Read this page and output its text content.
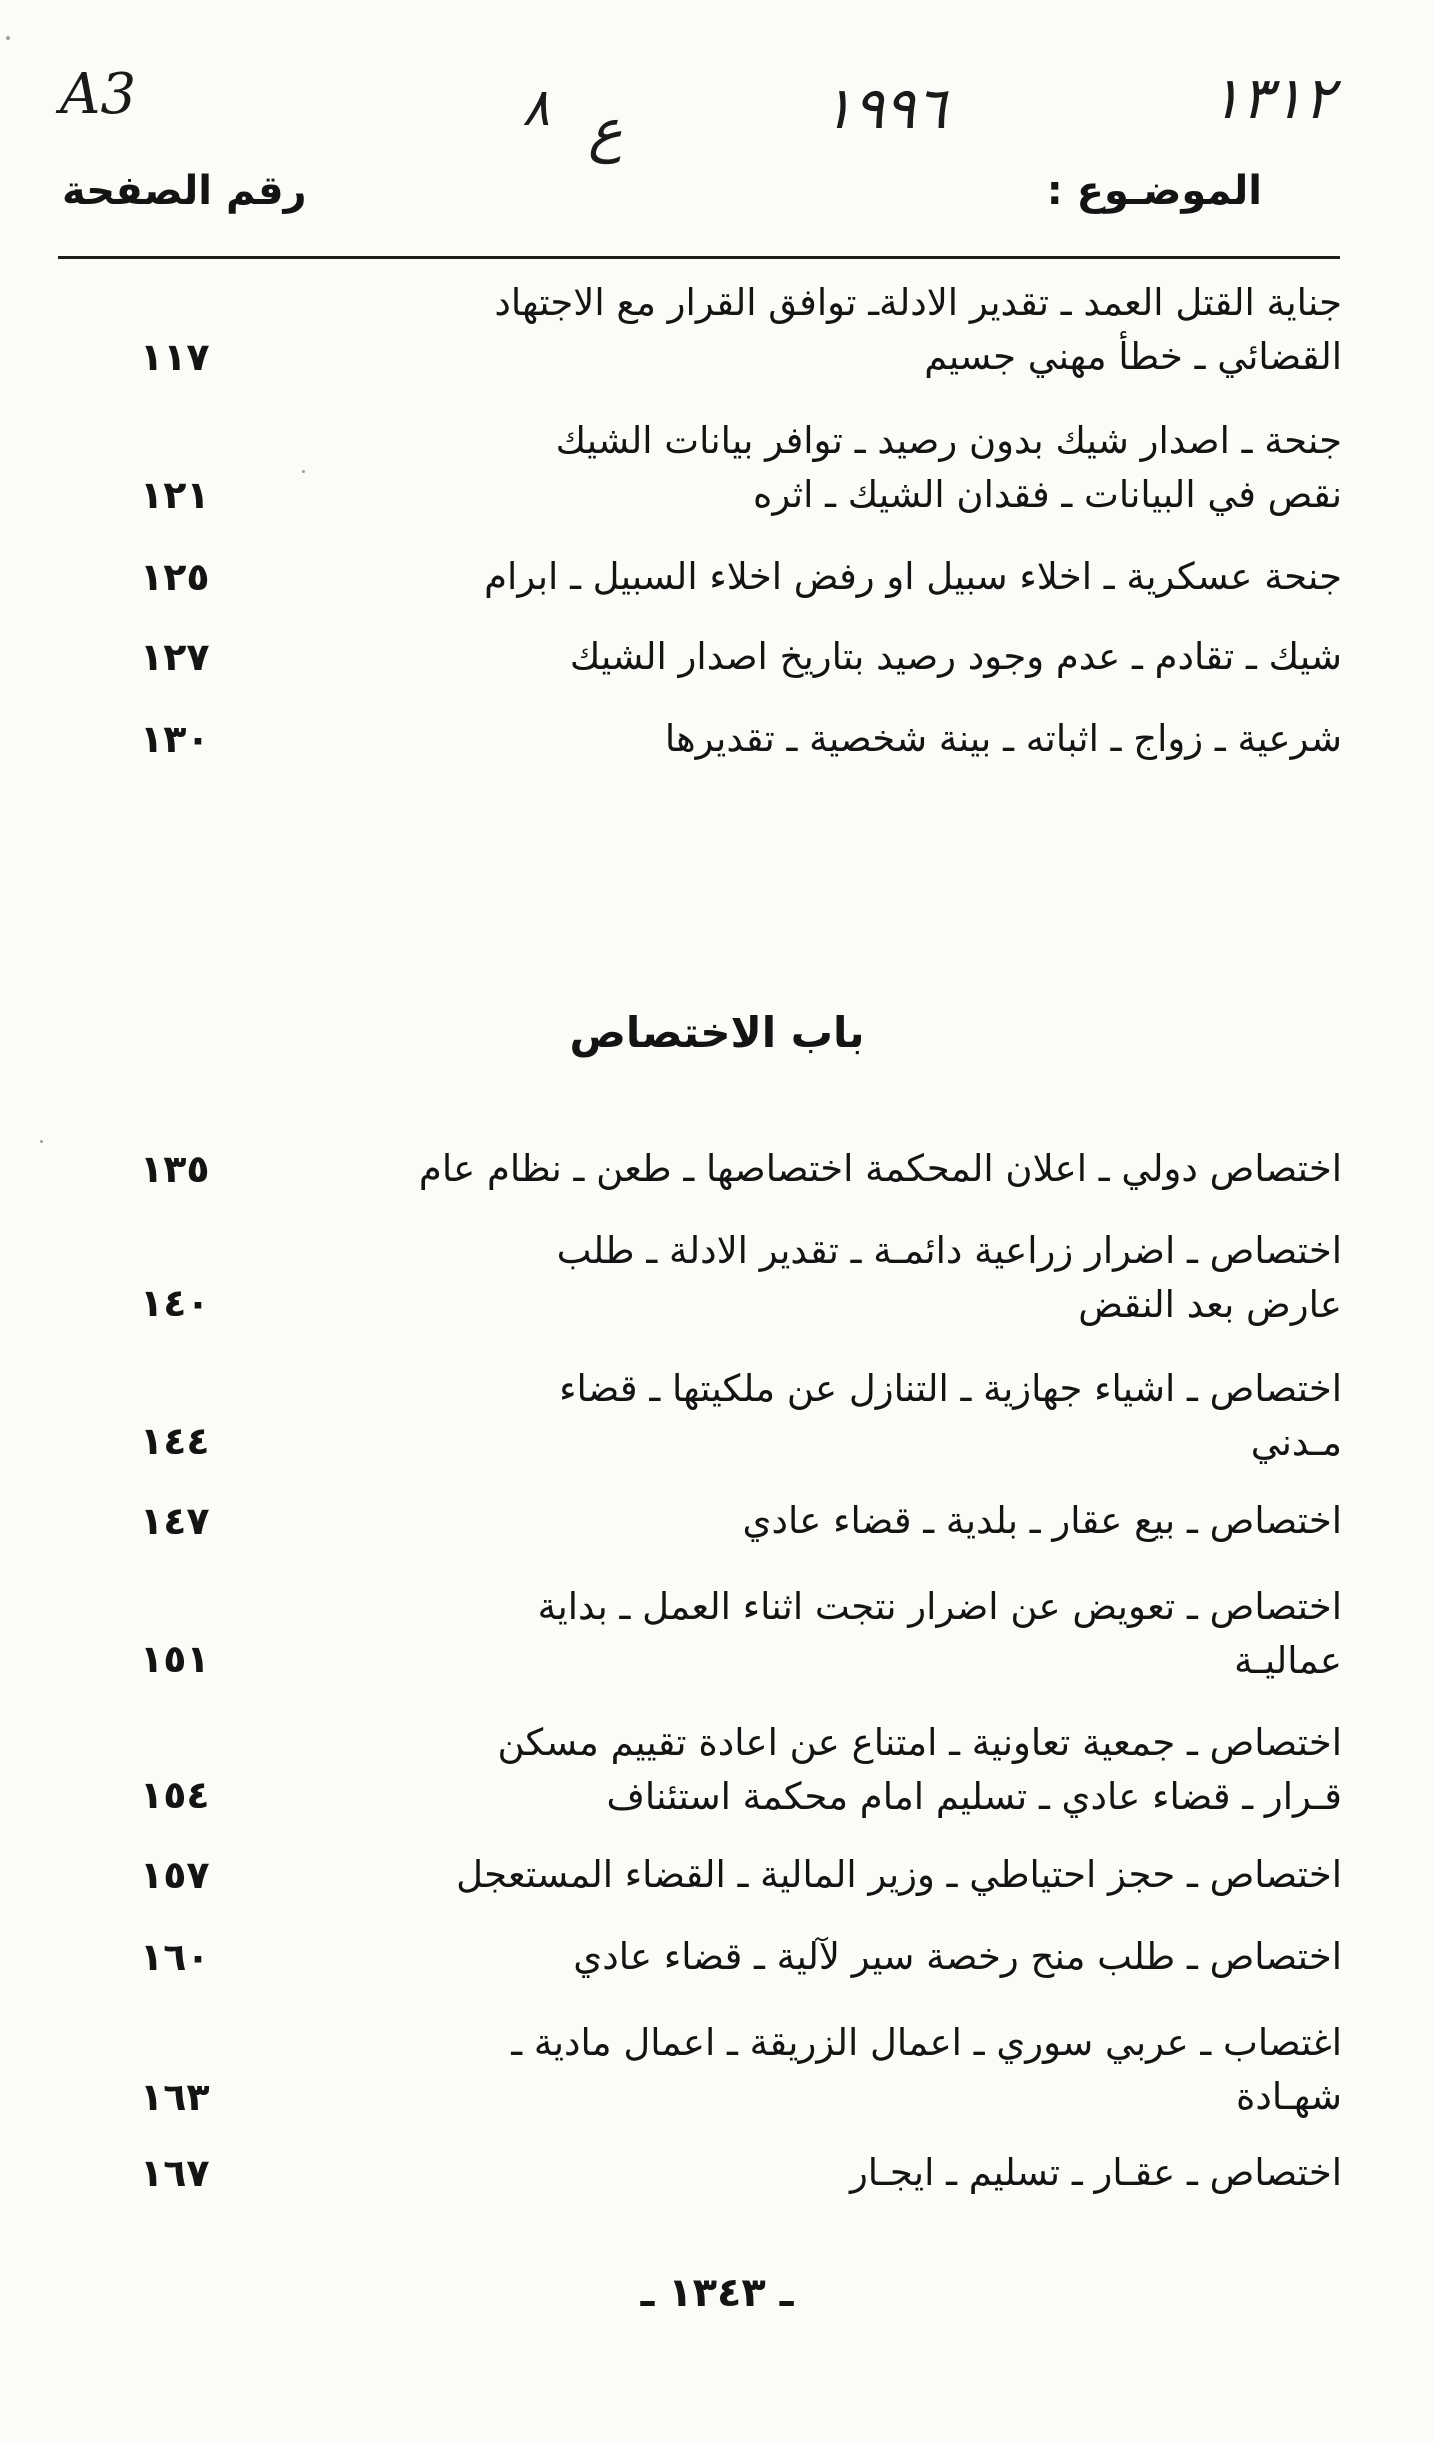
A3	٨ ع	١٩٩٦	١٣١٢
الموضـوع :
رقم الصفحة
جناية القتل العمد ـ تقدير الادلةـ توافق القرار مع الاجتهاد
القضائي ـ خطأ مهني جسيم
١١٧
جنحة ـ اصدار شيك بدون رصيد ـ توافر بيانات الشيك
نقص في البيانات ـ فقدان الشيك ـ اثره
١٢١
جنحة عسكرية ـ اخلاء سبيل او رفض اخلاء السبيل ـ ابرام
١٢٥
شيك ـ تقادم ـ عدم وجود رصيد بتاريخ اصدار الشيك
١٢٧
شرعية ـ زواج ـ اثباته ـ بينة شخصية ـ تقديرها
١٣٠
باب الاختصاص
اختصاص دولي ـ اعلان المحكمة اختصاصها ـ طعن ـ نظام عام
١٣٥
اختصاص ـ اضرار زراعية دائمـة ـ تقدير الادلة ـ طلب
عارض بعد النقض
١٤٠
اختصاص ـ اشياء جهازية ـ التنازل عن ملكيتها ـ قضاء
مـدني
١٤٤
اختصاص ـ بيع عقار ـ بلدية ـ قضاء عادي
١٤٧
اختصاص ـ تعويض عن اضرار نتجت اثناء العمل ـ بداية
عماليـة
١٥١
اختصاص ـ جمعية تعاونية ـ امتناع عن اعادة تقييم مسكن
قـرار ـ قضاء عادي ـ تسليم امام محكمة استئناف
١٥٤
اختصاص ـ حجز احتياطي ـ وزير المالية ـ القضاء المستعجل
١٥٧
اختصاص ـ طلب منح رخصة سير لآلية ـ قضاء عادي
١٦٠
اغتصاب ـ عربي سوري ـ اعمال الزريقة ـ اعمال مادية ـ
شهـادة
١٦٣
اختصاص ـ عقـار ـ تسليم ـ ايجـار
١٦٧
ـ ١٣٤٣ ـ
